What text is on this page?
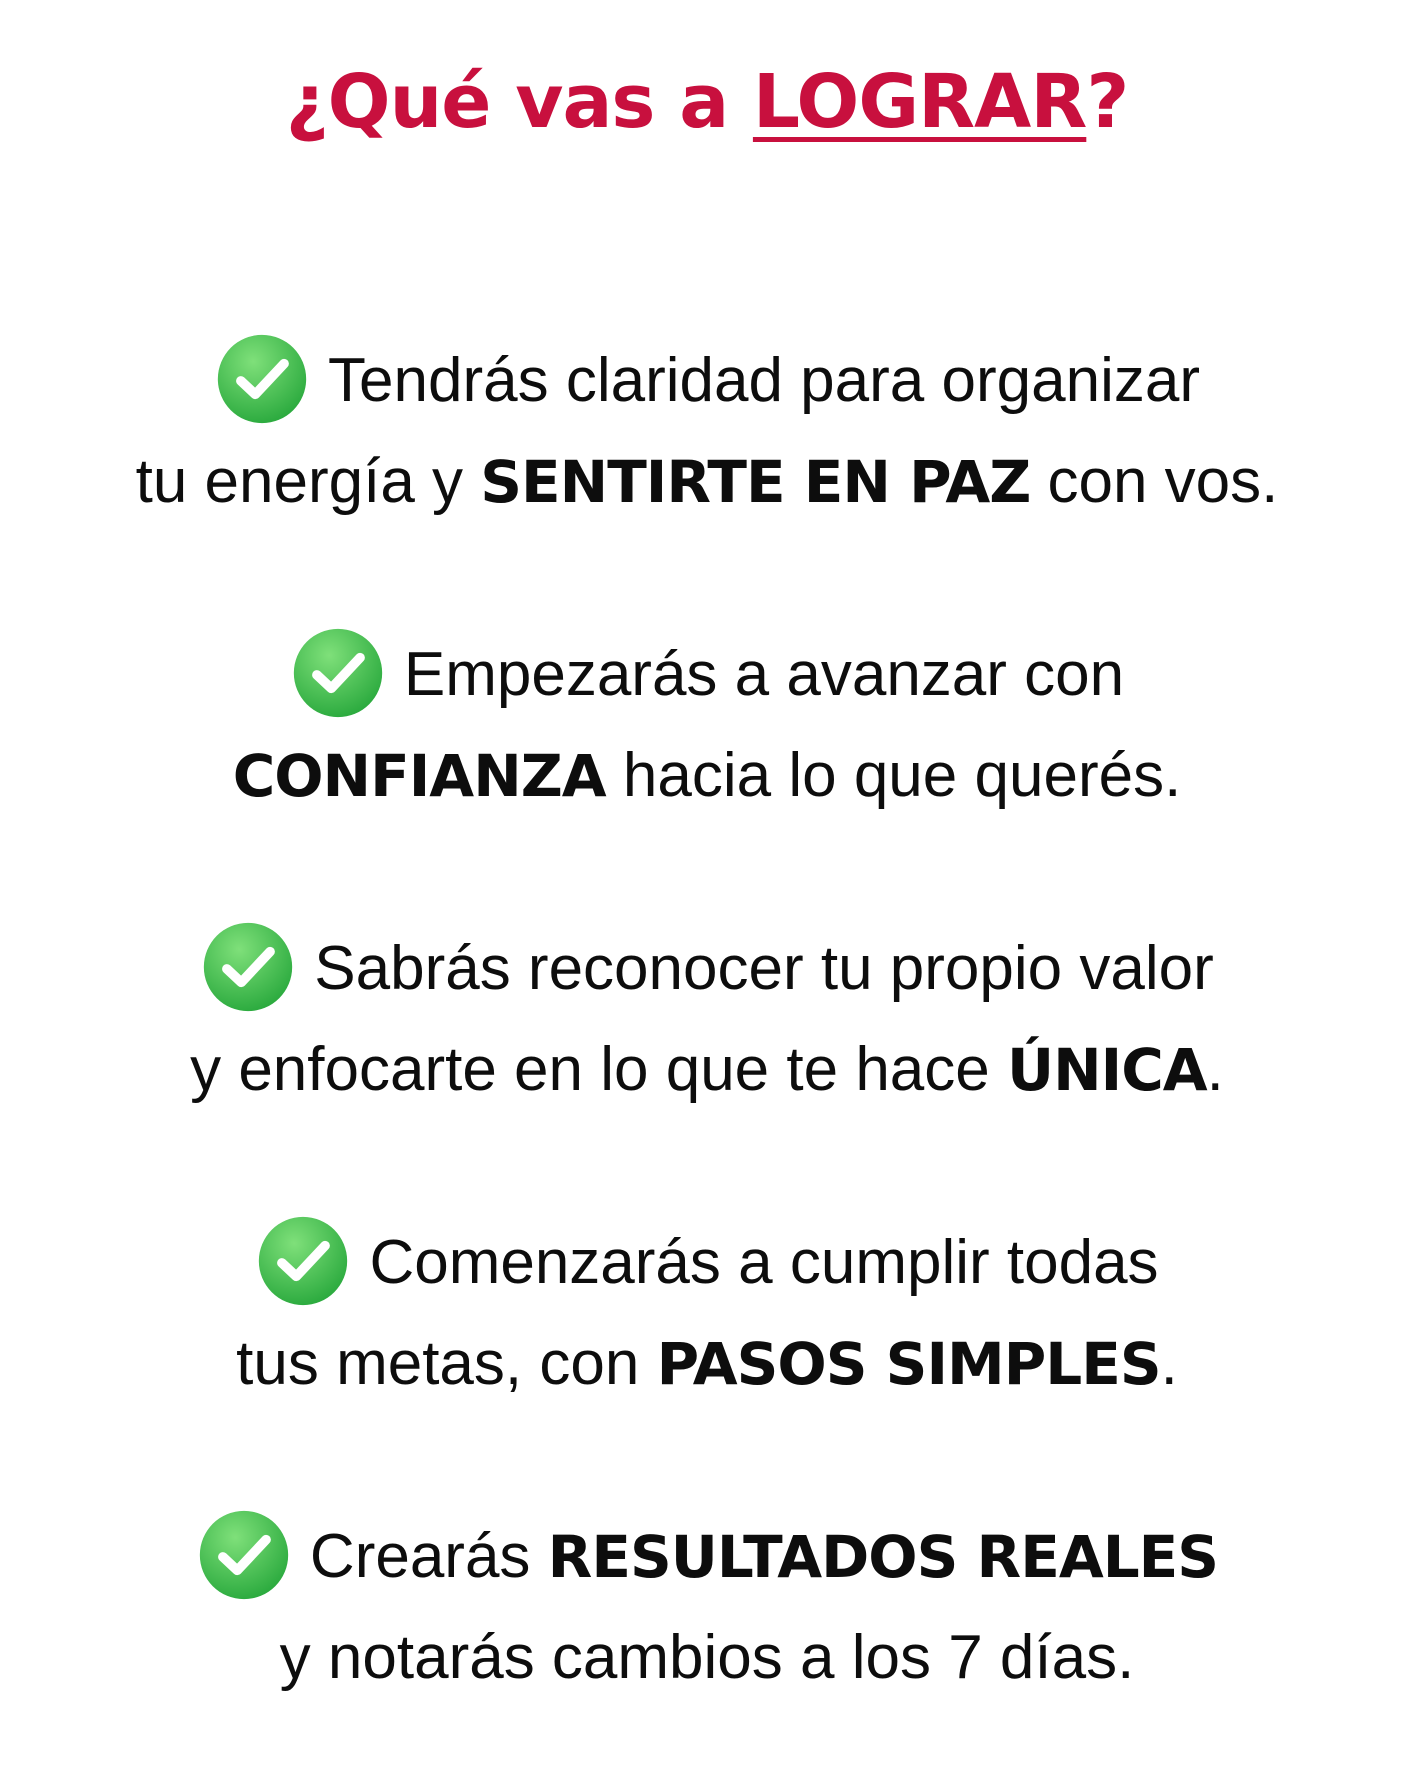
¿Qué vas a LOGRAR?
Tendrás claridad para organizar
tu energía y SENTIRTE EN PAZ con vos.
Empezarás a avanzar con
CONFIANZA hacia lo que querés.
Sabrás reconocer tu propio valor
y enfocarte en lo que te hace ÚNICA.
Comenzarás a cumplir todas
tus metas, con PASOS SIMPLES.
Crearás RESULTADOS REALES
y notarás cambios a los 7 días.
